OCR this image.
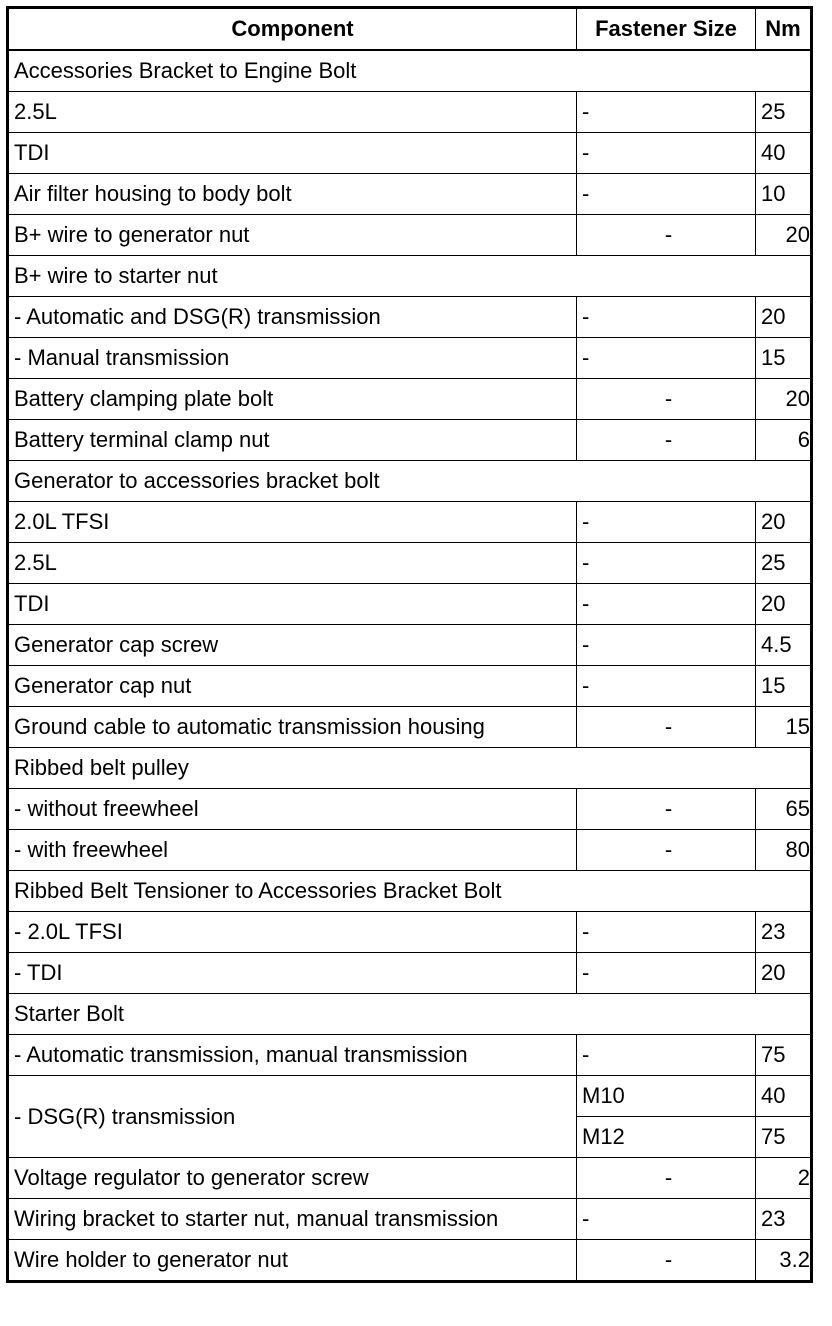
Component	Fastener Size	Nm
Accessories Bracket to Engine Bolt		
2.5L	-	25
TDI	-	40
Air filter housing to body bolt	-	10
B+ wire to generator nut	-	20
B+ wire to starter nut		
- Automatic and DSG(R) transmission	-	20
- Manual transmission	-	15
Battery clamping plate bolt	-	20
Battery terminal clamp nut	-	6
Generator to accessories bracket bolt		
2.0L TFSI	-	20
2.5L	-	25
TDI	-	20
Generator cap screw	-	4.5
Generator cap nut	-	15
Ground cable to automatic transmission housing	-	15
Ribbed belt pulley		
- without freewheel	-	65
- with freewheel	-	80
Ribbed Belt Tensioner to Accessories Bracket Bolt		
- 2.0L TFSI	-	23
- TDI	-	20
Starter Bolt		
- Automatic transmission, manual transmission	-	75
- DSG(R) transmission	M10	40
	M12	75
Voltage regulator to generator screw	-	2
Wiring bracket to starter nut, manual transmission	-	23
Wire holder to generator nut	-	3.2
